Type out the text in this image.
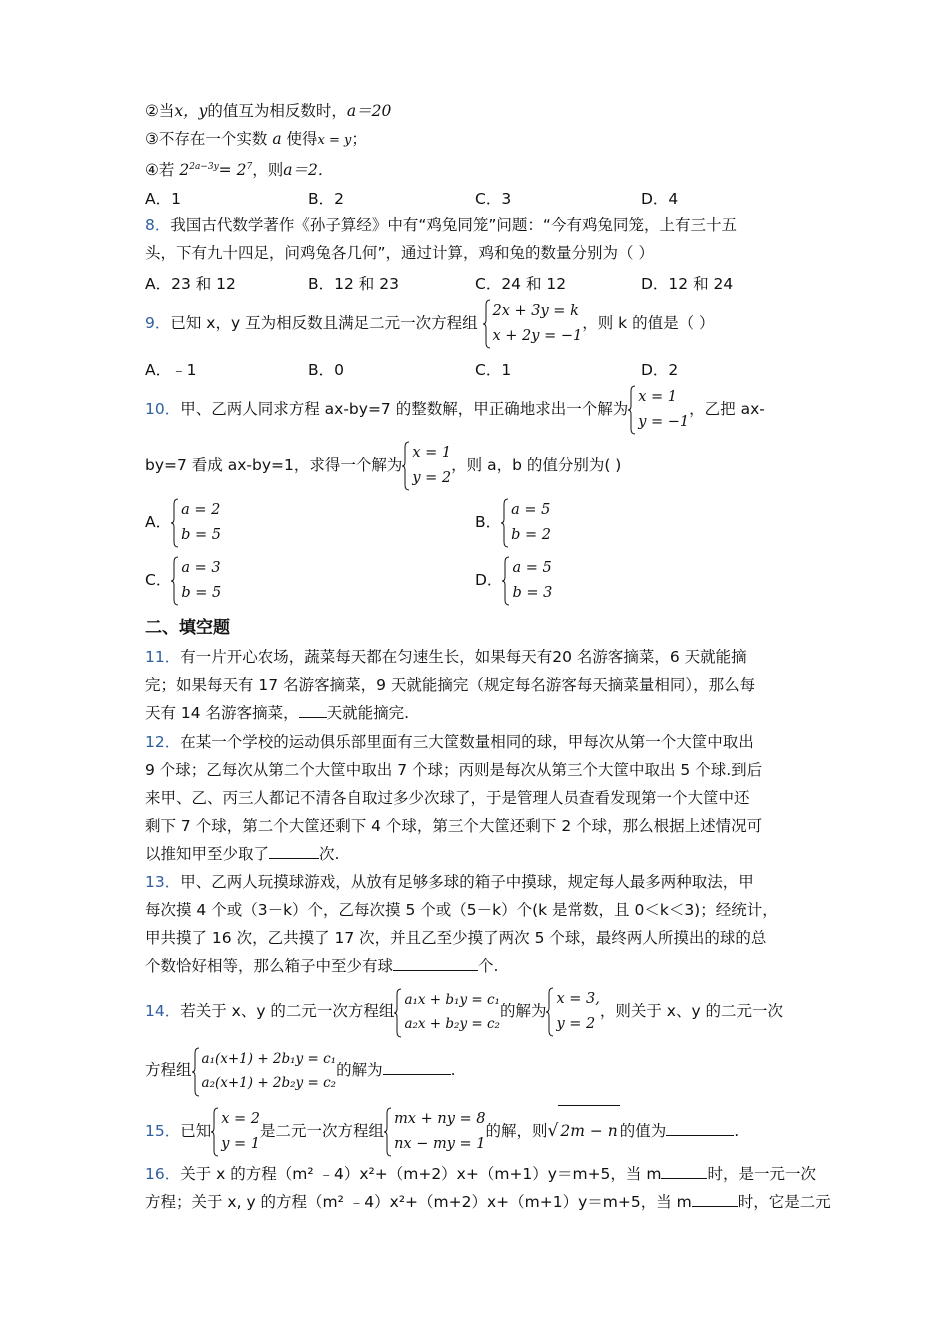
②当x，y的值互为相反数时，a＝20
③不存在一个实数 a 使得x = y；
④若 $2^{2a-3y}= 2^7$，则a＝2．
A．1	B．2	C．3	D．4
8．我国古代数学著作《孙子算经》中有“鸡兔同笼”问题：“今有鸡兔同笼，上有三十五
头，下有九十四足，问鸡兔各几何”，通过计算，鸡和兔的数量分别为（ ）
A．23 和 12	B．12 和 23	C．24 和 12	D．12 和 24
9．已知 x，y 互为相反数且满足二元一次方程组
2x + 3y = k
x + 2y = −1
，则 k 的值是（ ）
A．﹣1	B．0	C．1	D．2
10．甲、乙两人同求方程 ax-by=7 的整数解，甲正确地求出一个解为
x = 1
y = −1
，乙把 ax-
by=7 看成 ax-by=1，求得一个解为
x = 1
y = 2
，则 a，b 的值分别为( )
A．
a = 2
b = 5
B．
a = 5
b = 2
C．
a = 3
b = 5
D．
a = 5
b = 3
二、填空题
11．有一片开心农场，蔬菜每天都在匀速生长，如果每天有20 名游客摘菜，6 天就能摘
完；如果每天有 17 名游客摘菜，9 天就能摘完（规定每名游客每天摘菜量相同），那么每
天有 14 名游客摘菜， 天就能摘完.
12．在某一个学校的运动俱乐部里面有三大筐数量相同的球，甲每次从第一个大筐中取出
9 个球；乙每次从第二个大筐中取出 7 个球；丙则是每次从第三个大筐中取出 5 个球.到后
来甲、乙、丙三人都记不清各自取过多少次球了，于是管理人员查看发现第一个大筐中还
剩下 7 个球，第二个大筐还剩下 4 个球，第三个大筐还剩下 2 个球，那么根据上述情况可
以推知甲至少取了	次.
13．甲、乙两人玩摸球游戏，从放有足够多球的箱子中摸球，规定每人最多两种取法，甲
每次摸 4 个或（3－k）个，乙每次摸 5 个或（5－k）个(k 是常数，且 0＜k＜3)；经统计，
甲共摸了 16 次，乙共摸了 17 次，并且乙至少摸了两次 5 个球，最终两人所摸出的球的总
个数恰好相等，那么箱子中至少有球	个.
14．若关于 x、y 的二元一次方程组
a₁x + b₁y = c₁
a₂x + b₂y = c₂
的解为
x = 3,
y = 2
，则关于 x、y 的二元一次
方程组
a₁(x+1) + 2b₁y = c₁
a₂(x+1) + 2b₂y = c₂
的解为	.
15．已知
x = 2
y = 1
是二元一次方程组
mx + ny = 8
nx − my = 1
的解，则√ 2m − n 的值为	.
16．关于 x 的方程（m² ﹣4）x²+（m+2）x+（m+1）y＝m+5，当 m	时，是一元一次
方程；关于 x, y 的方程（m² ﹣4）x²+（m+2）x+（m+1）y＝m+5，当 m	时，它是二元
